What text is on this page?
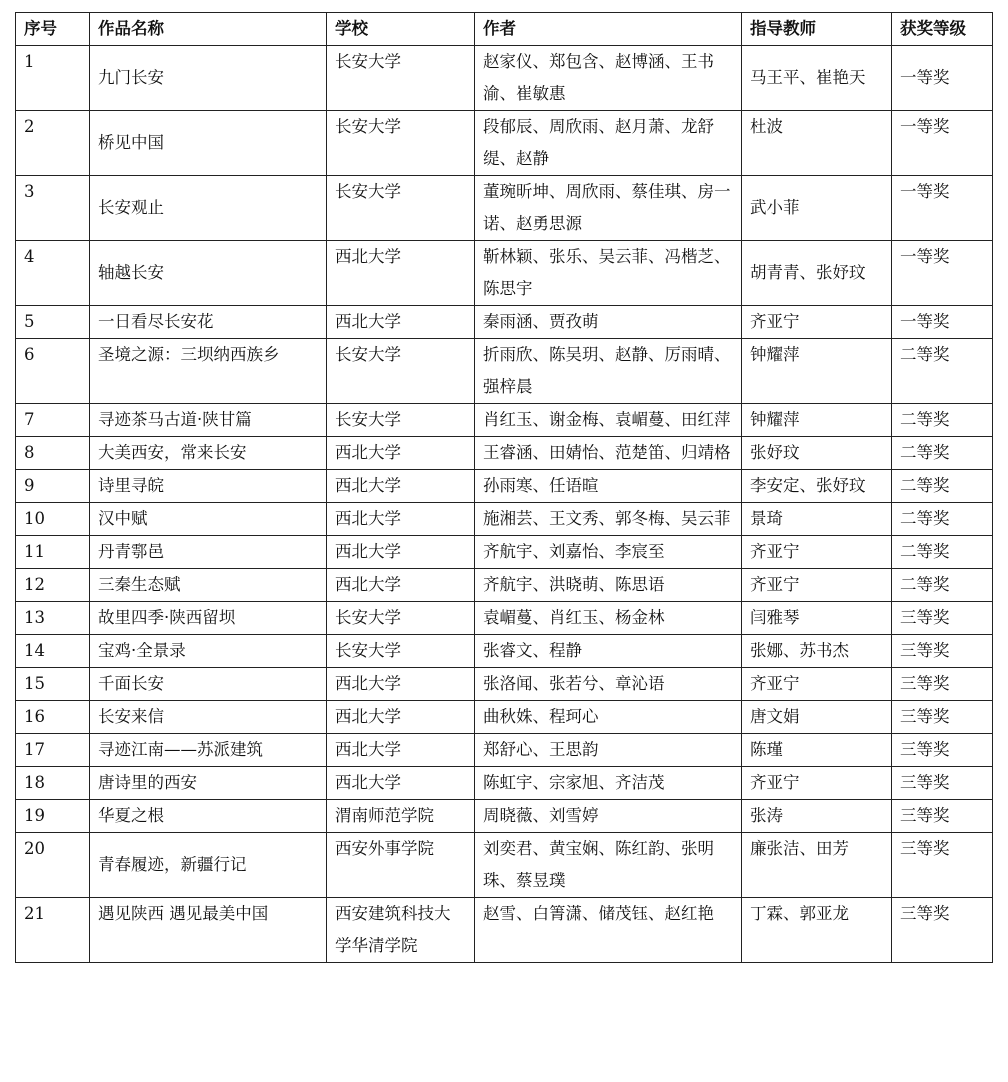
序号	作品名称	学校	作者	指导教师	获奖等级
1	九门长安	长安大学	赵家仪、郑包含、赵博涵、王书渝、崔敏惠	马王平、崔艳天	一等奖
2	桥见中国	长安大学	段郁辰、周欣雨、赵月萧、龙舒缇、赵静	杜波	一等奖
3	长安观止	长安大学	董琬昕坤、周欣雨、蔡佳琪、房一诺、赵勇思源	武小菲	一等奖
4	轴越长安	西北大学	靳林颖、张乐、吴云菲、冯楷芝、陈思宇	胡青青、张妤玟	一等奖
5	一日看尽长安花	西北大学	秦雨涵、贾孜萌	齐亚宁	一等奖
6	圣境之源：三坝纳西族乡	长安大学	折雨欣、陈吴玥、赵静、厉雨晴、强梓晨	钟耀萍	二等奖
7	寻迹茶马古道·陕甘篇	长安大学	肖红玉、谢金梅、袁嵋蔓、田红萍	钟耀萍	二等奖
8	大美西安，常来长安	西北大学	王睿涵、田婧怡、范楚笛、归靖格	张妤玟	二等奖
9	诗里寻皖	西北大学	孙雨寒、任语暄	李安定、张妤玟	二等奖
10	汉中赋	西北大学	施湘芸、王文秀、郭冬梅、吴云菲	景琦	二等奖
11	丹青鄠邑	西北大学	齐航宇、刘嘉怡、李宸至	齐亚宁	二等奖
12	三秦生态赋	西北大学	齐航宇、洪晓萌、陈思语	齐亚宁	二等奖
13	故里四季·陕西留坝	长安大学	袁嵋蔓、肖红玉、杨金林	闫雅琴	三等奖
14	宝鸡·全景录	长安大学	张睿文、程静	张娜、苏书杰	三等奖
15	千面长安	西北大学	张洛闻、张若兮、章沁语	齐亚宁	三等奖
16	长安来信	西北大学	曲秋姝、程珂心	唐文娟	三等奖
17	寻迹江南——苏派建筑	西北大学	郑舒心、王思韵	陈瑾	三等奖
18	唐诗里的西安	西北大学	陈虹宇、宗家旭、齐洁茂	齐亚宁	三等奖
19	华夏之根	渭南师范学院	周晓薇、刘雪婷	张涛	三等奖
20	青春履迹，新疆行记	西安外事学院	刘奕君、黄宝娴、陈红韵、张明珠、蔡昱璞	廉张洁、田芳	三等奖
21	遇见陕西 遇见最美中国	西安建筑科技大学华清学院	赵雪、白箐潇、储茂钰、赵红艳	丁霖、郭亚龙	三等奖
